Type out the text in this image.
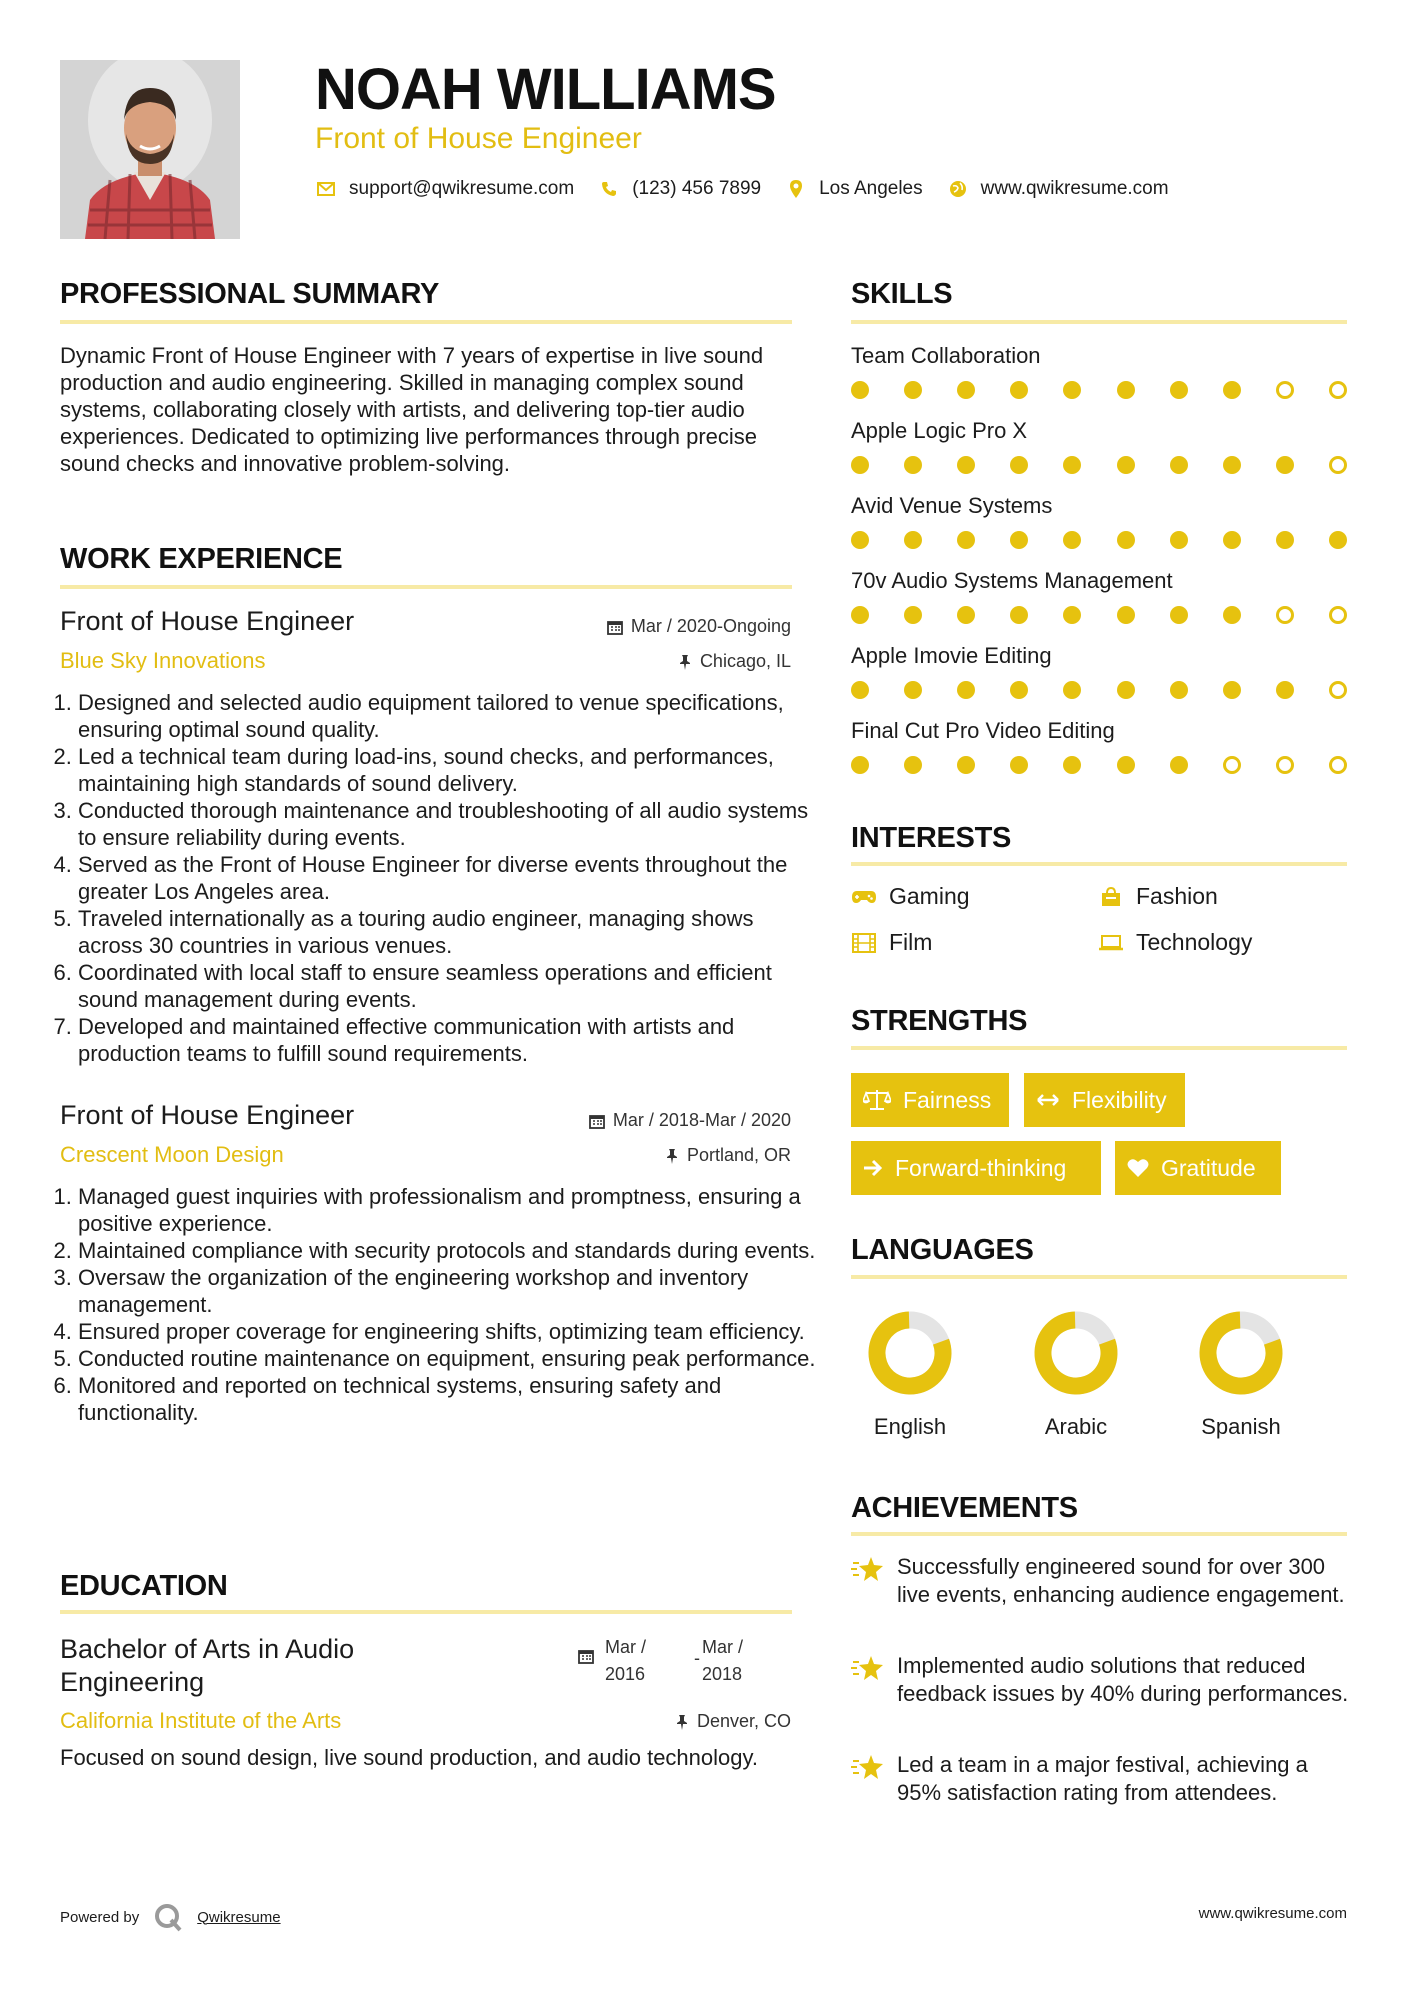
NOAH WILLIAMS
Front of House Engineer
support@qwikresume.com	(123) 456 7899	Los Angeles	www.qwikresume.com
PROFESSIONAL SUMMARY
Dynamic Front of House Engineer with 7 years of expertise in live sound production and audio engineering. Skilled in managing complex sound systems, collaborating closely with artists, and delivering top-tier audio experiences. Dedicated to optimizing live performances through precise sound checks and innovative problem-solving.
WORK EXPERIENCE
Front of House Engineer	Mar / 2020-Ongoing
Blue Sky Innovations	Chicago, IL
1. Designed and selected audio equipment tailored to venue specifications, ensuring optimal sound quality.
2. Led a technical team during load-ins, sound checks, and performances, maintaining high standards of sound delivery.
3. Conducted thorough maintenance and troubleshooting of all audio systems to ensure reliability during events.
4. Served as the Front of House Engineer for diverse events throughout the greater Los Angeles area.
5. Traveled internationally as a touring audio engineer, managing shows across 30 countries in various venues.
6. Coordinated with local staff to ensure seamless operations and efficient sound management during events.
7. Developed and maintained effective communication with artists and production teams to fulfill sound requirements.
Front of House Engineer	Mar / 2018-Mar / 2020
Crescent Moon Design	Portland, OR
1. Managed guest inquiries with professionalism and promptness, ensuring a positive experience.
2. Maintained compliance with security protocols and standards during events.
3. Oversaw the organization of the engineering workshop and inventory management.
4. Ensured proper coverage for engineering shifts, optimizing team efficiency.
5. Conducted routine maintenance on equipment, ensuring peak performance.
6. Monitored and reported on technical systems, ensuring safety and functionality.
EDUCATION
Bachelor of Arts in Audio
Engineering
Mar /
2016
-
Mar /
2018
California Institute of the Arts	Denver, CO
Focused on sound design, live sound production, and audio technology.
SKILLS
Team Collaboration
Apple Logic Pro X
Avid Venue Systems
70v Audio Systems Management
Apple Imovie Editing
Final Cut Pro Video Editing
INTERESTS
Gaming	Fashion
Film	Technology
STRENGTHS
Fairness	Flexibility
Forward-thinking	Gratitude
LANGUAGES
English	Arabic	Spanish
ACHIEVEMENTS
Successfully engineered sound for over 300 live events, enhancing audience engagement.
Implemented audio solutions that reduced feedback issues by 40% during performances.
Led a team in a major festival, achieving a 95% satisfaction rating from attendees.
Powered by	Qwikresume	www.qwikresume.com
